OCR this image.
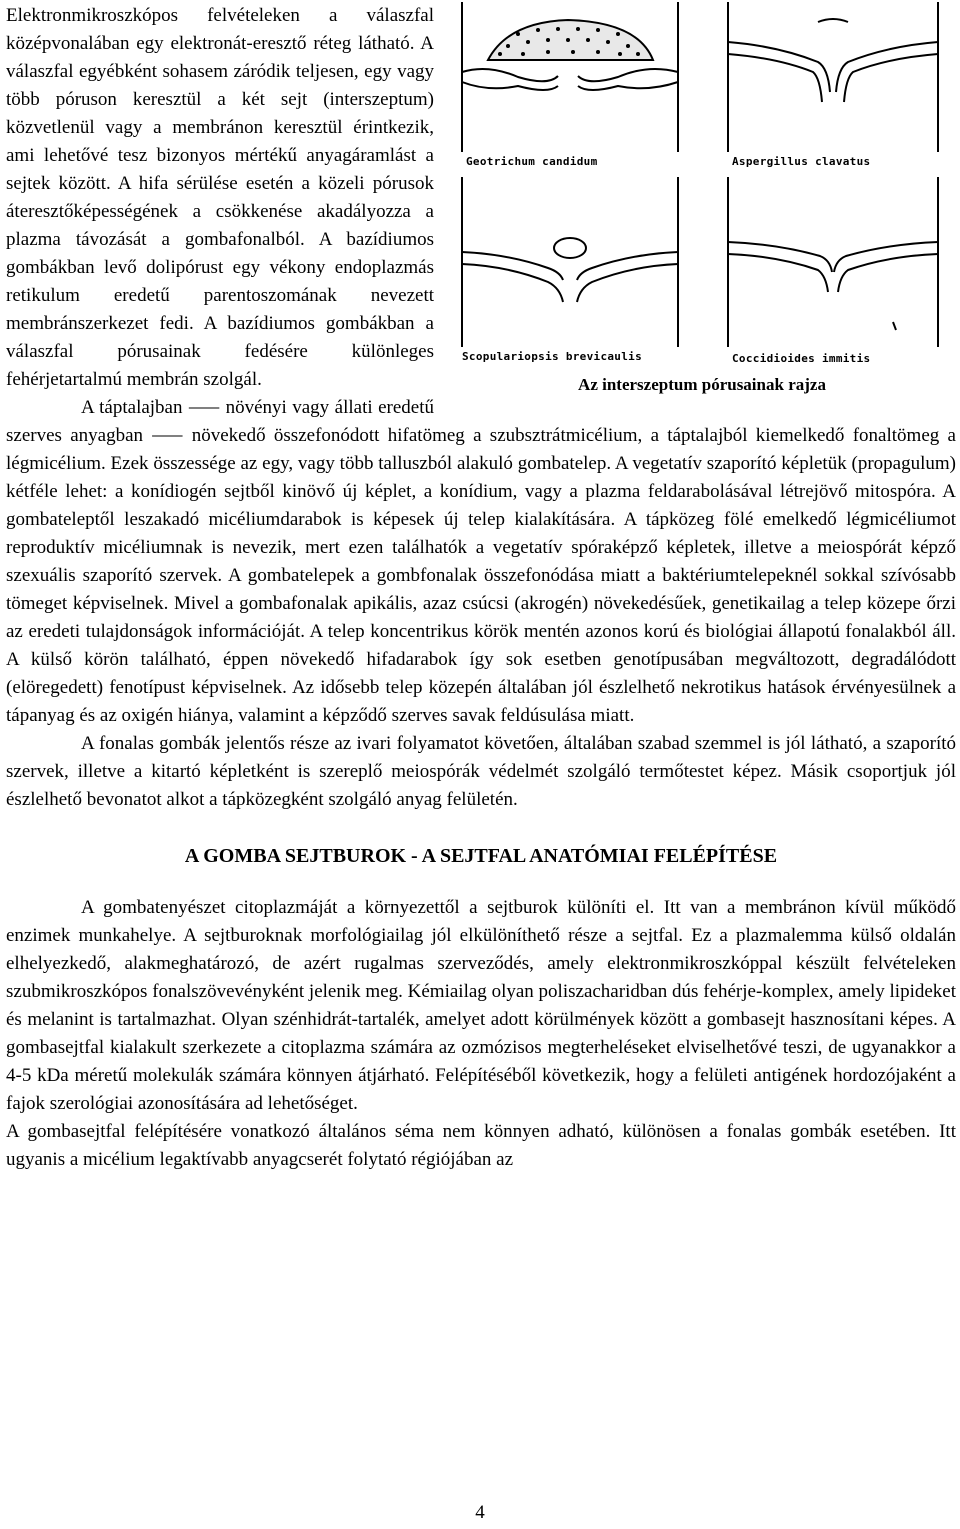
Geotrichum candidum	Aspergillus clavatus
Scopulariopsis brevicaulis	Coccidioides immitis
Az interszeptum pórusainak rajza

Elektronmikroszkópos felvételeken a válaszfal középvonalában egy elektronát-eresztő réteg látható. A válaszfal egyébként sohasem záródik teljesen, egy vagy több póruson keresztül a két sejt (interszeptum) közvetlenül vagy a membránon keresztül érintkezik, ami lehetővé tesz bizonyos mértékű anyagáramlást a sejtek között. A hifa sérülése esetén a közeli pórusok áteresztőképességének a csökkenése akadályozza a plazma távozását a gombafonalból. A bazídiumos gombákban levő dolipórust egy vékony endoplazmás retikulum eredetű parentoszomának nevezett membránszerkezet fedi. A bazídiumos gombákban a válaszfal pórusainak fedésére különleges fehérjetartalmú membrán szolgál.

A táptalajban ⸺ növényi vagy állati eredetű szerves anyagban ⸺ növekedő összefonódott hifatömeg a szubsztrátmicélium, a táptalajból kiemelkedő fonaltömeg a légmicélium. Ezek összessége az egy, vagy több talluszból alakuló gombatelep. A vegetatív szaporító képletük (propagulum) kétféle lehet: a konídiogén sejtből kinövő új képlet, a konídium, vagy a plazma feldarabolásával létrejövő mitospóra. A gombateleptől leszakadó micéliumdarabok is képesek új telep kialakítására. A tápközeg fölé emelkedő légmicéliumot reproduktív micéliumnak is nevezik, mert ezen találhatók a vegetatív spóraképző képletek, illetve a meiospórát képző szexuális szaporító szervek. A gombatelepek a gombfonalak összefonódása miatt a baktériumtelepeknél sokkal szívósabb tömeget képviselnek. Mivel a gombafonalak apikális, azaz csúcsi (akrogén) növekedésűek, genetikailag a telep közepe őrzi az eredeti tulajdonságok információját. A telep koncentrikus körök mentén azonos korú és biológiai állapotú fonalakból áll. A külső körön található, éppen növekedő hifadarabok így sok esetben genotípusában megváltozott, degradálódott (elöregedett) fenotípust képviselnek. Az idősebb telep közepén általában jól észlelhető nekrotikus hatások érvényesülnek a tápanyag és az oxigén hiánya, valamint a képződő szerves savak feldúsulása miatt.

A fonalas gombák jelentős része az ivari folyamatot követően, általában szabad szemmel is jól látható, a szaporító szervek, illetve a kitartó képletként is szereplő meiospórák védelmét szolgáló termőtestet képez. Másik csoportjuk jól észlelhető bevonatot alkot a tápközegként szolgáló anyag felületén.

A GOMBA SEJTBUROK - A SEJTFAL ANATÓMIAI FELÉPÍTÉSE

A gombatenyészet citoplazmáját a környezettől a sejtburok különíti el. Itt van a membránon kívül működő enzimek munkahelye. A sejtburoknak morfológiailag jól elkülöníthető része a sejtfal. Ez a plazmalemma külső oldalán elhelyezkedő, alakmeghatározó, de azért rugalmas szerveződés, amely elektronmikroszkóppal készült felvételeken szubmikroszkópos fonalszövevényként jelenik meg. Kémiailag olyan poliszacharidban dús fehérje-komplex, amely lipideket és melanint is tartalmazhat. Olyan szénhidrát-tartalék, amelyet adott körülmények között a gombasejt hasznosítani képes. A gombasejtfal kialakult szerkezete a citoplazma számára az ozmózisos megterheléseket elviselhetővé teszi, de ugyanakkor a 4-5 kDa méretű molekulák számára könnyen átjárható. Felépítéséből következik, hogy a felületi antigének hordozójaként a fajok szerológiai azonosítására ad lehetőséget.

A gombasejtfal felépítésére vonatkozó általános séma nem könnyen adható, különösen a fonalas gombák esetében. Itt ugyanis a micélium legaktívabb anyagcserét folytató régiójában az

4
